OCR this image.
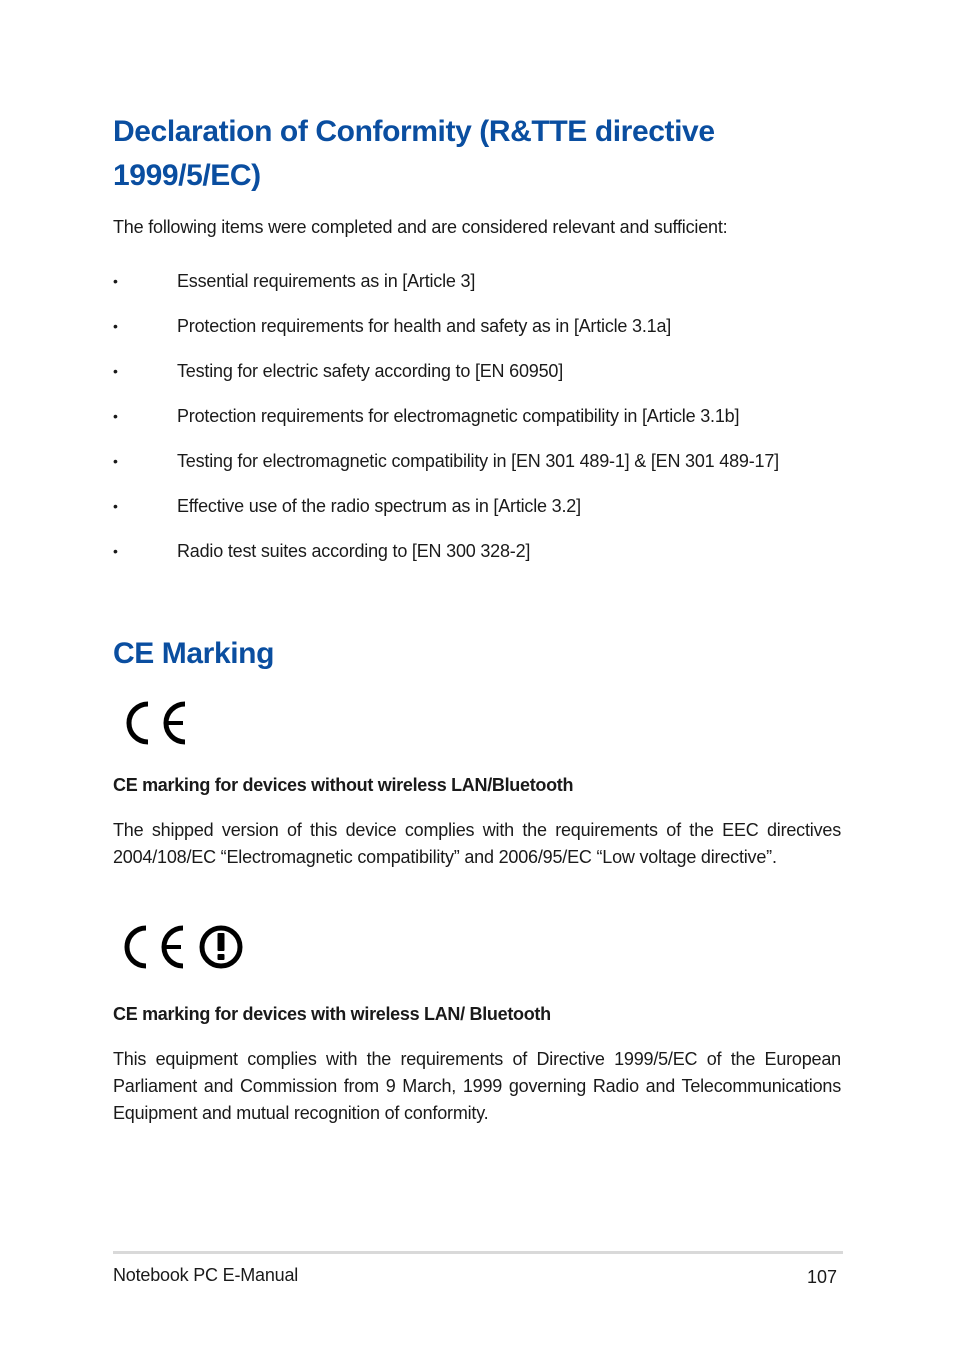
Declaration of Conformity (R&TTE directive 1999/5/EC)

The following items were completed and are considered relevant and sufficient:

•	Essential requirements as in [Article 3]
•	Protection requirements for health and safety as in [Article 3.1a]
•	Testing for electric safety according to [EN 60950]
•	Protection requirements for electromagnetic compatibility in [Article 3.1b]
•	Testing for electromagnetic compatibility in [EN 301 489-1] & [EN 301 489-17]
•	Effective use of the radio spectrum as in [Article 3.2]
•	Radio test suites according to [EN 300 328-2]
CE Marking
CE marking for devices without wireless LAN/Bluetooth

The shipped version of this device complies with the requirements of the EEC directives 2004/108/EC “Electromagnetic compatibility” and 2006/95/EC “Low voltage directive”.

CE marking for devices with wireless LAN/ Bluetooth

This equipment complies with the requirements of Directive 1999/5/EC of the European Parliament and Commission from 9 March, 1999 governing Radio and Telecommunications Equipment and mutual recognition of conformity.

Notebook PC E-Manual	107
